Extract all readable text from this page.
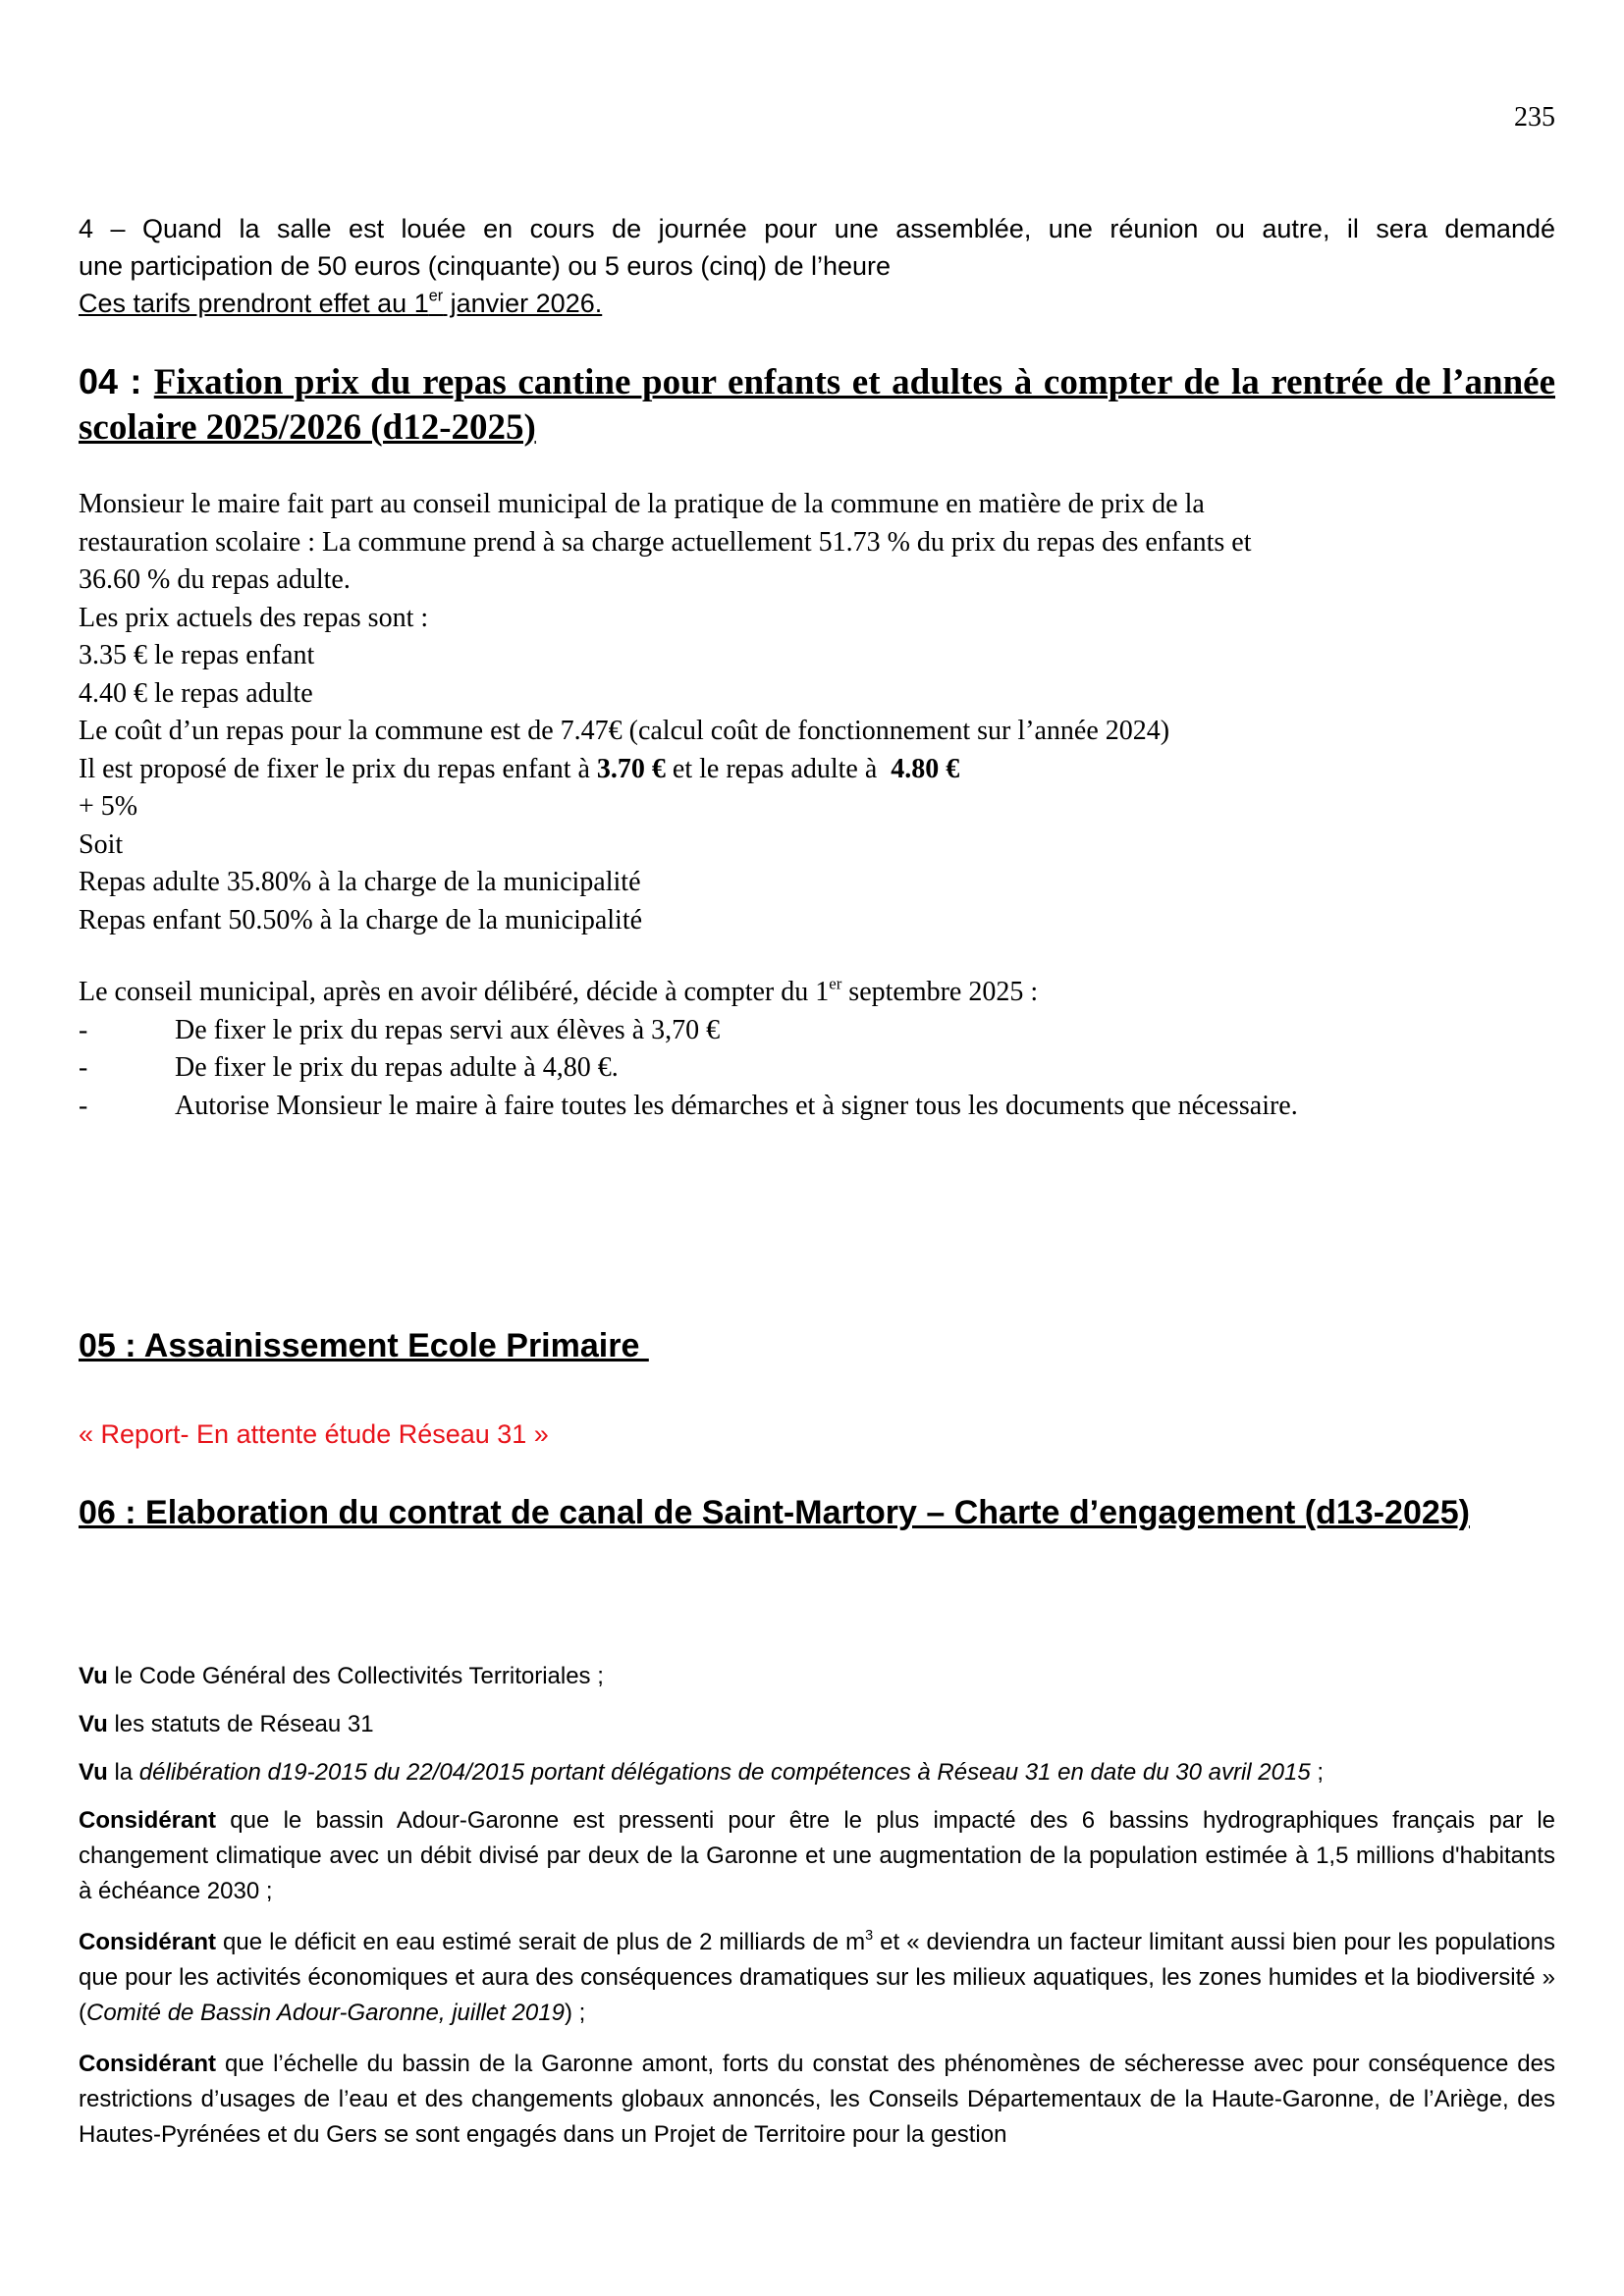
235
4 – Quand la salle est louée en cours de journée pour une assemblée, une réunion ou autre, il sera demandé
une participation de 50 euros (cinquante) ou 5 euros (cinq) de l’heure
Ces tarifs prendront effet au 1er janvier 2026.
04 : Fixation prix du repas cantine pour enfants et adultes à compter de la rentrée de l’année scolaire 2025/2026 (d12-2025)
Monsieur le maire fait part au conseil municipal de la pratique de la commune en matière de prix de la
restauration scolaire : La commune prend à sa charge actuellement 51.73 % du prix du repas des enfants et
36.60 % du repas adulte.
Les prix actuels des repas sont :
3.35 € le repas enfant
4.40 € le repas adulte
Le coût d’un repas pour la commune est de 7.47€ (calcul coût de fonctionnement sur l’année 2024)
Il est proposé de fixer le prix du repas enfant à 3.70 € et le repas adulte à  4.80 €
+ 5%
Soit
Repas adulte 35.80% à la charge de la municipalité
Repas enfant 50.50% à la charge de la municipalité
Le conseil municipal, après en avoir délibéré, décide à compter du 1er septembre 2025 :
-	De fixer le prix du repas servi aux élèves à 3,70 €
-	De fixer le prix du repas adulte à 4,80 €.
-	Autorise Monsieur le maire à faire toutes les démarches et à signer tous les documents que nécessaire.
05 : Assainissement Ecole Primaire
« Report- En attente étude Réseau 31 »
06 : Elaboration du contrat de canal de Saint-Martory – Charte d’engagement (d13-2025)
Vu le Code Général des Collectivités Territoriales ;
Vu les statuts de Réseau 31
Vu la délibération d19-2015 du 22/04/2015 portant délégations de compétences à Réseau 31 en date du 30 avril 2015 ;
Considérant que le bassin Adour-Garonne est pressenti pour être le plus impacté des 6 bassins hydrographiques français par le changement climatique avec un débit divisé par deux de la Garonne et une augmentation de la population estimée à 1,5 millions d'habitants à échéance 2030 ;
Considérant que le déficit en eau estimé serait de plus de 2 milliards de $m^3$ et « deviendra un facteur limitant aussi bien pour les populations que pour les activités économiques et aura des conséquences dramatiques sur les milieux aquatiques, les zones humides et la biodiversité » (Comité de Bassin Adour-Garonne, juillet 2019) ;
Considérant que l’échelle du bassin de la Garonne amont, forts du constat des phénomènes de sécheresse avec pour conséquence des restrictions d’usages de l’eau et des changements globaux annoncés, les Conseils Départementaux de la Haute-Garonne, de l’Ariège, des Hautes-Pyrénées et du Gers se sont engagés dans un Projet de Territoire pour la gestion
